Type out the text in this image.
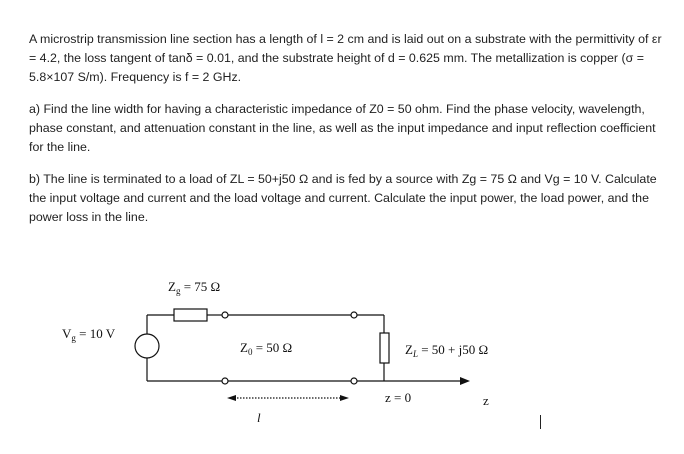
A microstrip transmission line section has a length of l = 2 cm and is laid out on a substrate with the permittivity of εr = 4.2, the loss tangent of tanδ = 0.01, and the substrate height of d = 0.625 mm. The metallization is copper (σ = 5.8×107 S/m). Frequency is f = 2 GHz.

a) Find the line width for having a characteristic impedance of Z0 = 50 ohm. Find the phase velocity, wavelength, phase constant, and attenuation constant in the line, as well as the input impedance and input reflection coefficient for the line.

b) The line is terminated to a load of ZL = 50+j50 Ω and is fed by a source with Zg = 75 Ω and Vg = 10 V. Calculate the input voltage and current and the load voltage and current. Calculate the input power, the load power, and the power loss in the line.

$Z_g = 75$ Ω
$V_g = 10$ V
$Z_0 = 50$ Ω	$Z_L = 50 + j50$ Ω
z = 0	z
l
